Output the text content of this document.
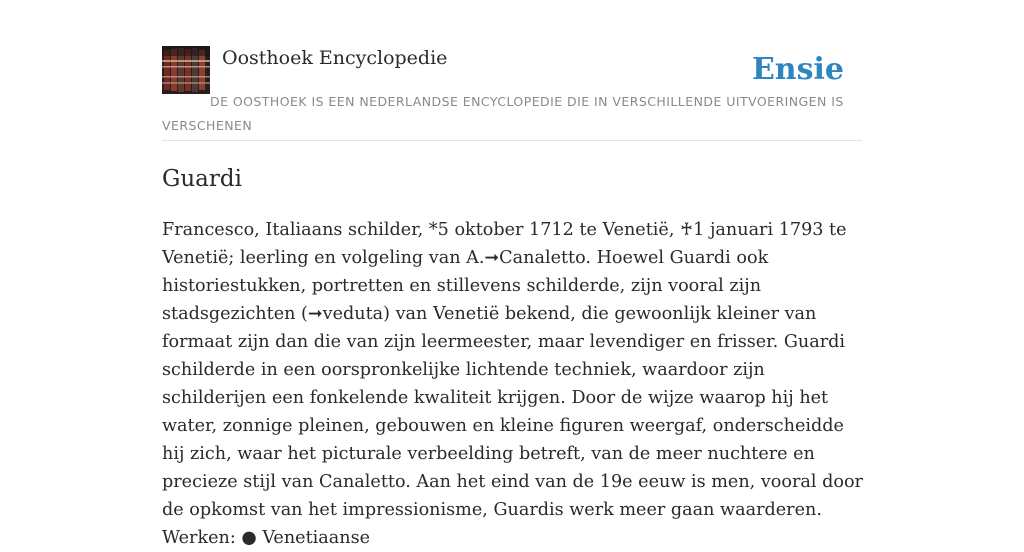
Oosthoek Encyclopedie	Ensie

DE OOSTHOEK IS EEN NEDERLANDSE ENCYCLOPEDIE DIE IN VERSCHILLENDE UITVOERINGEN IS VERSCHENEN

Guardi

Francesco, Italiaans schilder, *5 oktober 1712 te Venetië, ♰1 januari 1793 te Venetië; leerling en volgeling van A.➞Canaletto. Hoewel Guardi ook historiestukken, portretten en stillevens schilderde, zijn vooral zijn stadsgezichten (➞veduta) van Venetië bekend, die gewoonlijk kleiner van formaat zijn dan die van zijn leermeester, maar levendiger en frisser. Guardi schilderde in een oorspronkelijke lichtende techniek, waardoor zijn schilderijen een fonkelende kwaliteit krijgen. Door de wijze waarop hij het water, zonnige pleinen, gebouwen en kleine figuren weergaf, onderscheidde hij zich, waar het picturale verbeelding betreft, van de meer nuchtere en precieze stijl van Canaletto. Aan het eind van de 19e eeuw is men, vooral door de opkomst van het impressionisme, Guardis werk meer gaan waarderen. Werken: ● Venetiaanse
